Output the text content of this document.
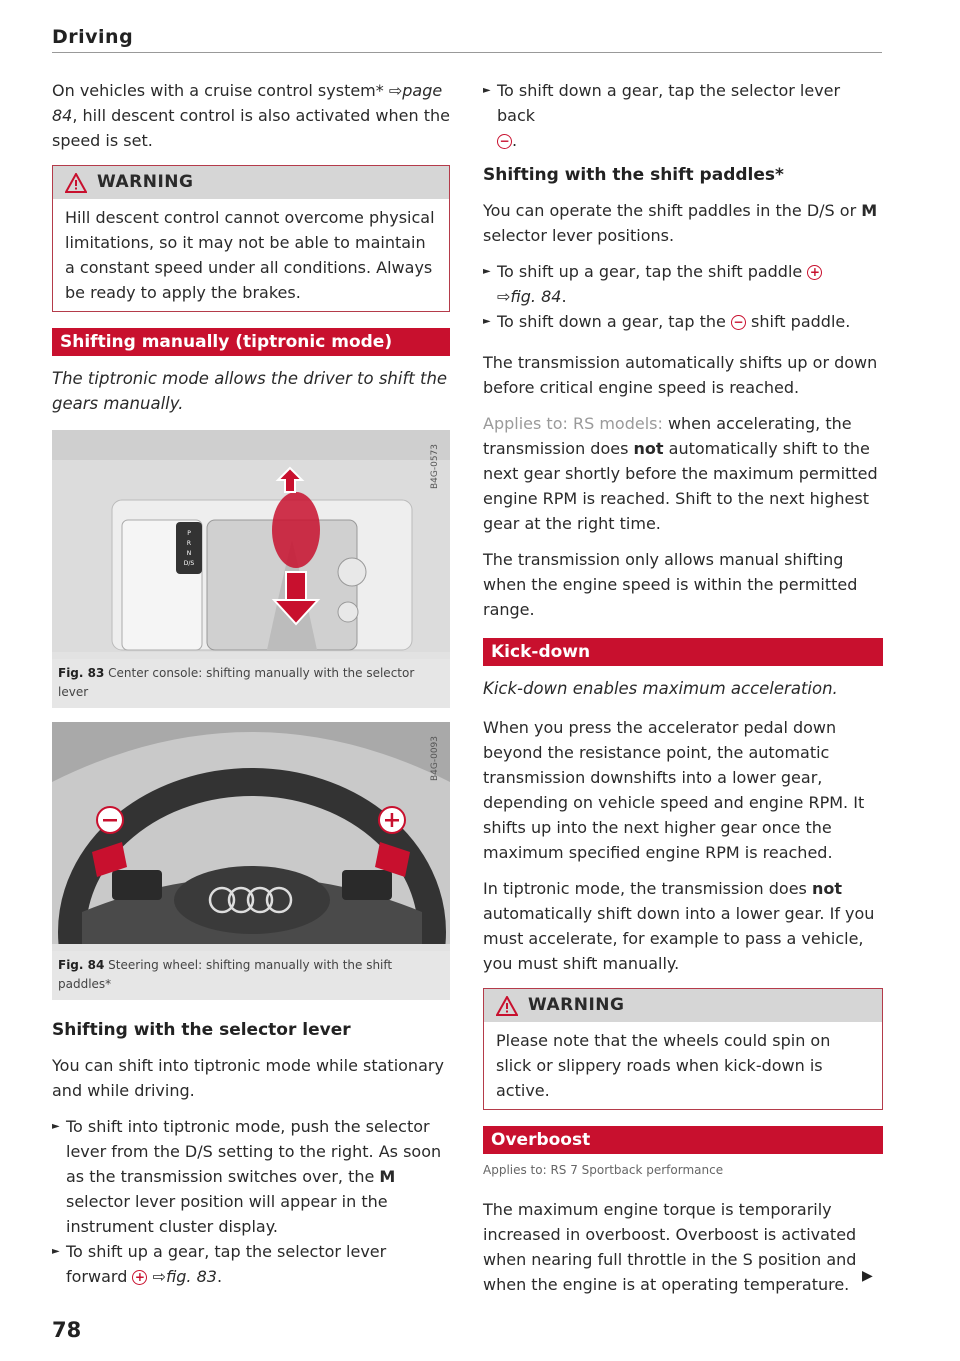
Driving

On vehicles with a cruise control system* ⇨page 84, hill descent control is also activated when the speed is set.

WARNING
Hill descent control cannot overcome physical limitations, so it may not be able to maintain a constant speed under all conditions. Always be ready to apply the brakes.
Shifting manually (tiptronic mode)
The tiptronic mode allows the driver to shift the gears manually.
P
R
N
D/S
B4G-0573
Fig. 83 Center console: shifting manually with the selector lever
B4G-0093
Fig. 84 Steering wheel: shifting manually with the shift paddles*
Shifting with the selector lever

You can shift into tiptronic mode while stationary and while driving.

► To shift into tiptronic mode, push the selector lever from the D/S setting to the right. As soon as the transmission switches over, the M selector lever position will appear in the instrument cluster display.
► To shift up a gear, tap the selector lever forward + ⇨fig. 83.
► To shift down a gear, tap the selector lever back
− .
Shifting with the shift paddles*

You can operate the shift paddles in the D/S or M selector lever positions.

► To shift up a gear, tap the shift paddle +
⇨fig. 84.
► To shift down a gear, tap the − shift paddle.

The transmission automatically shifts up or down before critical engine speed is reached.

Applies to: RS models: when accelerating, the transmission does not automatically shift to the next gear shortly before the maximum permitted engine RPM is reached. Shift to the next highest gear at the right time.

The transmission only allows manual shifting when the engine speed is within the permitted range.

Kick-down
Kick-down enables maximum acceleration.

When you press the accelerator pedal down beyond the resistance point, the automatic transmission downshifts into a lower gear, depending on vehicle speed and engine RPM. It shifts up into the next higher gear once the maximum specified engine RPM is reached.

In tiptronic mode, the transmission does not automatically shift down into a lower gear. If you must accelerate, for example to pass a vehicle, you must shift manually.

WARNING
Please note that the wheels could spin on slick or slippery roads when kick-down is active.
Overboost
Applies to: RS 7 Sportback performance

The maximum engine torque is temporarily increased in overboost. Overboost is activated when nearing full throttle in the S position and when the engine is at operating temperature. ▶
78
